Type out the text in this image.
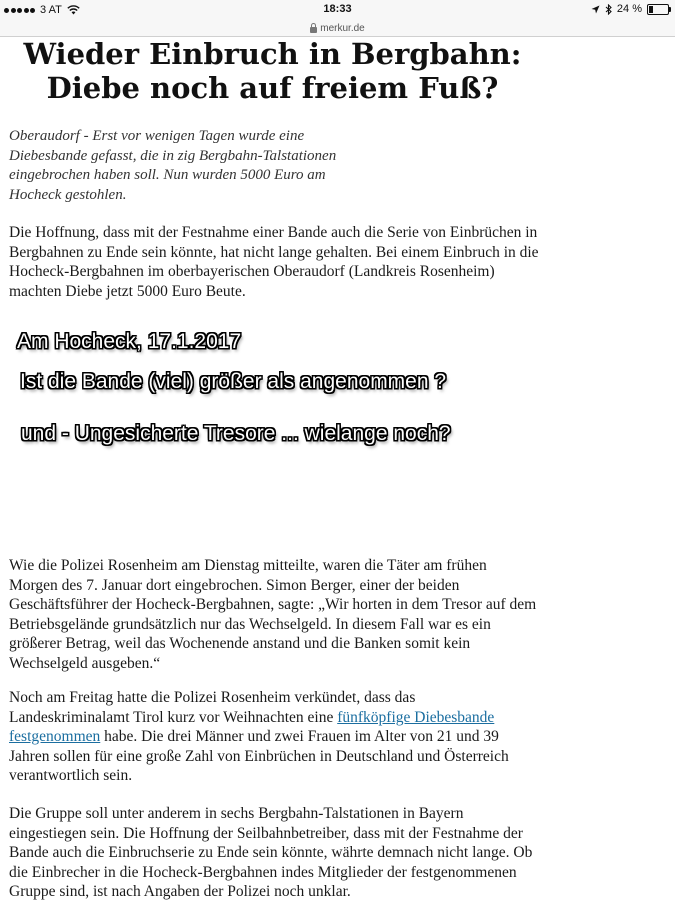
3 AT	18:33	24 %
merkur.de
Wieder Einbruch in Bergbahn: Diebe noch auf freiem Fuß?

Oberaudorf - Erst vor wenigen Tagen wurde eine Diebesbande gefasst, die in zig Bergbahn-Talstationen eingebrochen haben soll. Nun wurden 5000 Euro am Hocheck gestohlen.

Die Hoffnung, dass mit der Festnahme einer Bande auch die Serie von Einbrüchen in Bergbahnen zu Ende sein könnte, hat nicht lange gehalten. Bei einem Einbruch in die Hocheck-Bergbahnen im oberbayerischen Oberaudorf (Landkreis Rosenheim) machten Diebe jetzt 5000 Euro Beute.

Am Hocheck, 17.1.2017

Ist die Bande (viel) größer als angenommen ?

und - Ungesicherte Tresore ... wielange noch?

Wie die Polizei Rosenheim am Dienstag mitteilte, waren die Täter am frühen Morgen des 7. Januar dort eingebrochen. Simon Berger, einer der beiden Geschäftsführer der Hocheck-Bergbahnen, sagte: „Wir horten in dem Tresor auf dem Betriebsgelände grundsätzlich nur das Wechselgeld. In diesem Fall war es ein größerer Betrag, weil das Wochenende anstand und die Banken somit kein Wechselgeld ausgeben.“

Noch am Freitag hatte die Polizei Rosenheim verkündet, dass das Landeskriminalamt Tirol kurz vor Weihnachten eine fünfköpfige Diebesbande festgenommen habe. Die drei Männer und zwei Frauen im Alter von 21 und 39 Jahren sollen für eine große Zahl von Einbrüchen in Deutschland und Österreich verantwortlich sein.

Die Gruppe soll unter anderem in sechs Bergbahn-Talstationen in Bayern eingestiegen sein. Die Hoffnung der Seilbahnbetreiber, dass mit der Festnahme der Bande auch die Einbruchserie zu Ende sein könnte, währte demnach nicht lange. Ob die Einbrecher in die Hocheck-Bergbahnen indes Mitglieder der festgenommenen Gruppe sind, ist nach Angaben der Polizei noch unklar.
